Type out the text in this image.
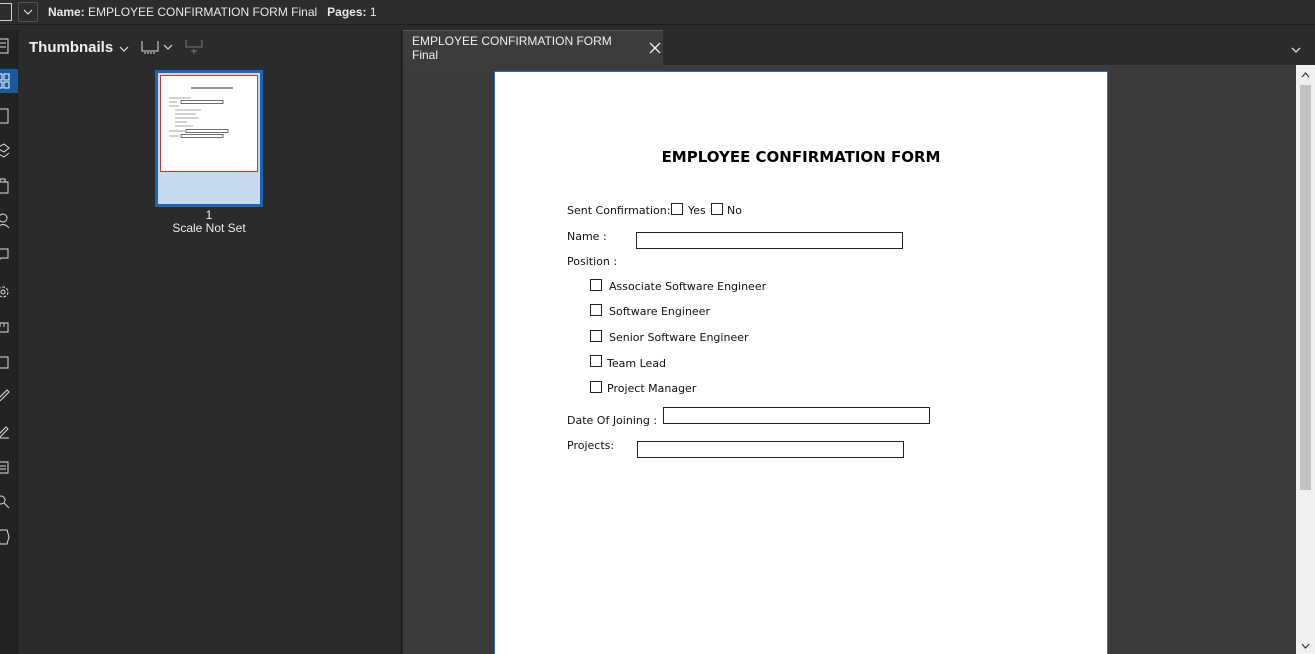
Name: EMPLOYEE CONFIRMATION FORM Final Pages: 1
Thumbnails
1
Scale Not Set
EMPLOYEE CONFIRMATION FORM Final
EMPLOYEE CONFIRMATION FORM
Sent Confirmation: Yes No
Name :
Position :
Associate Software Engineer
Software Engineer
Senior Software Engineer
Team Lead
Project Manager
Date Of Joining :
Projects:
